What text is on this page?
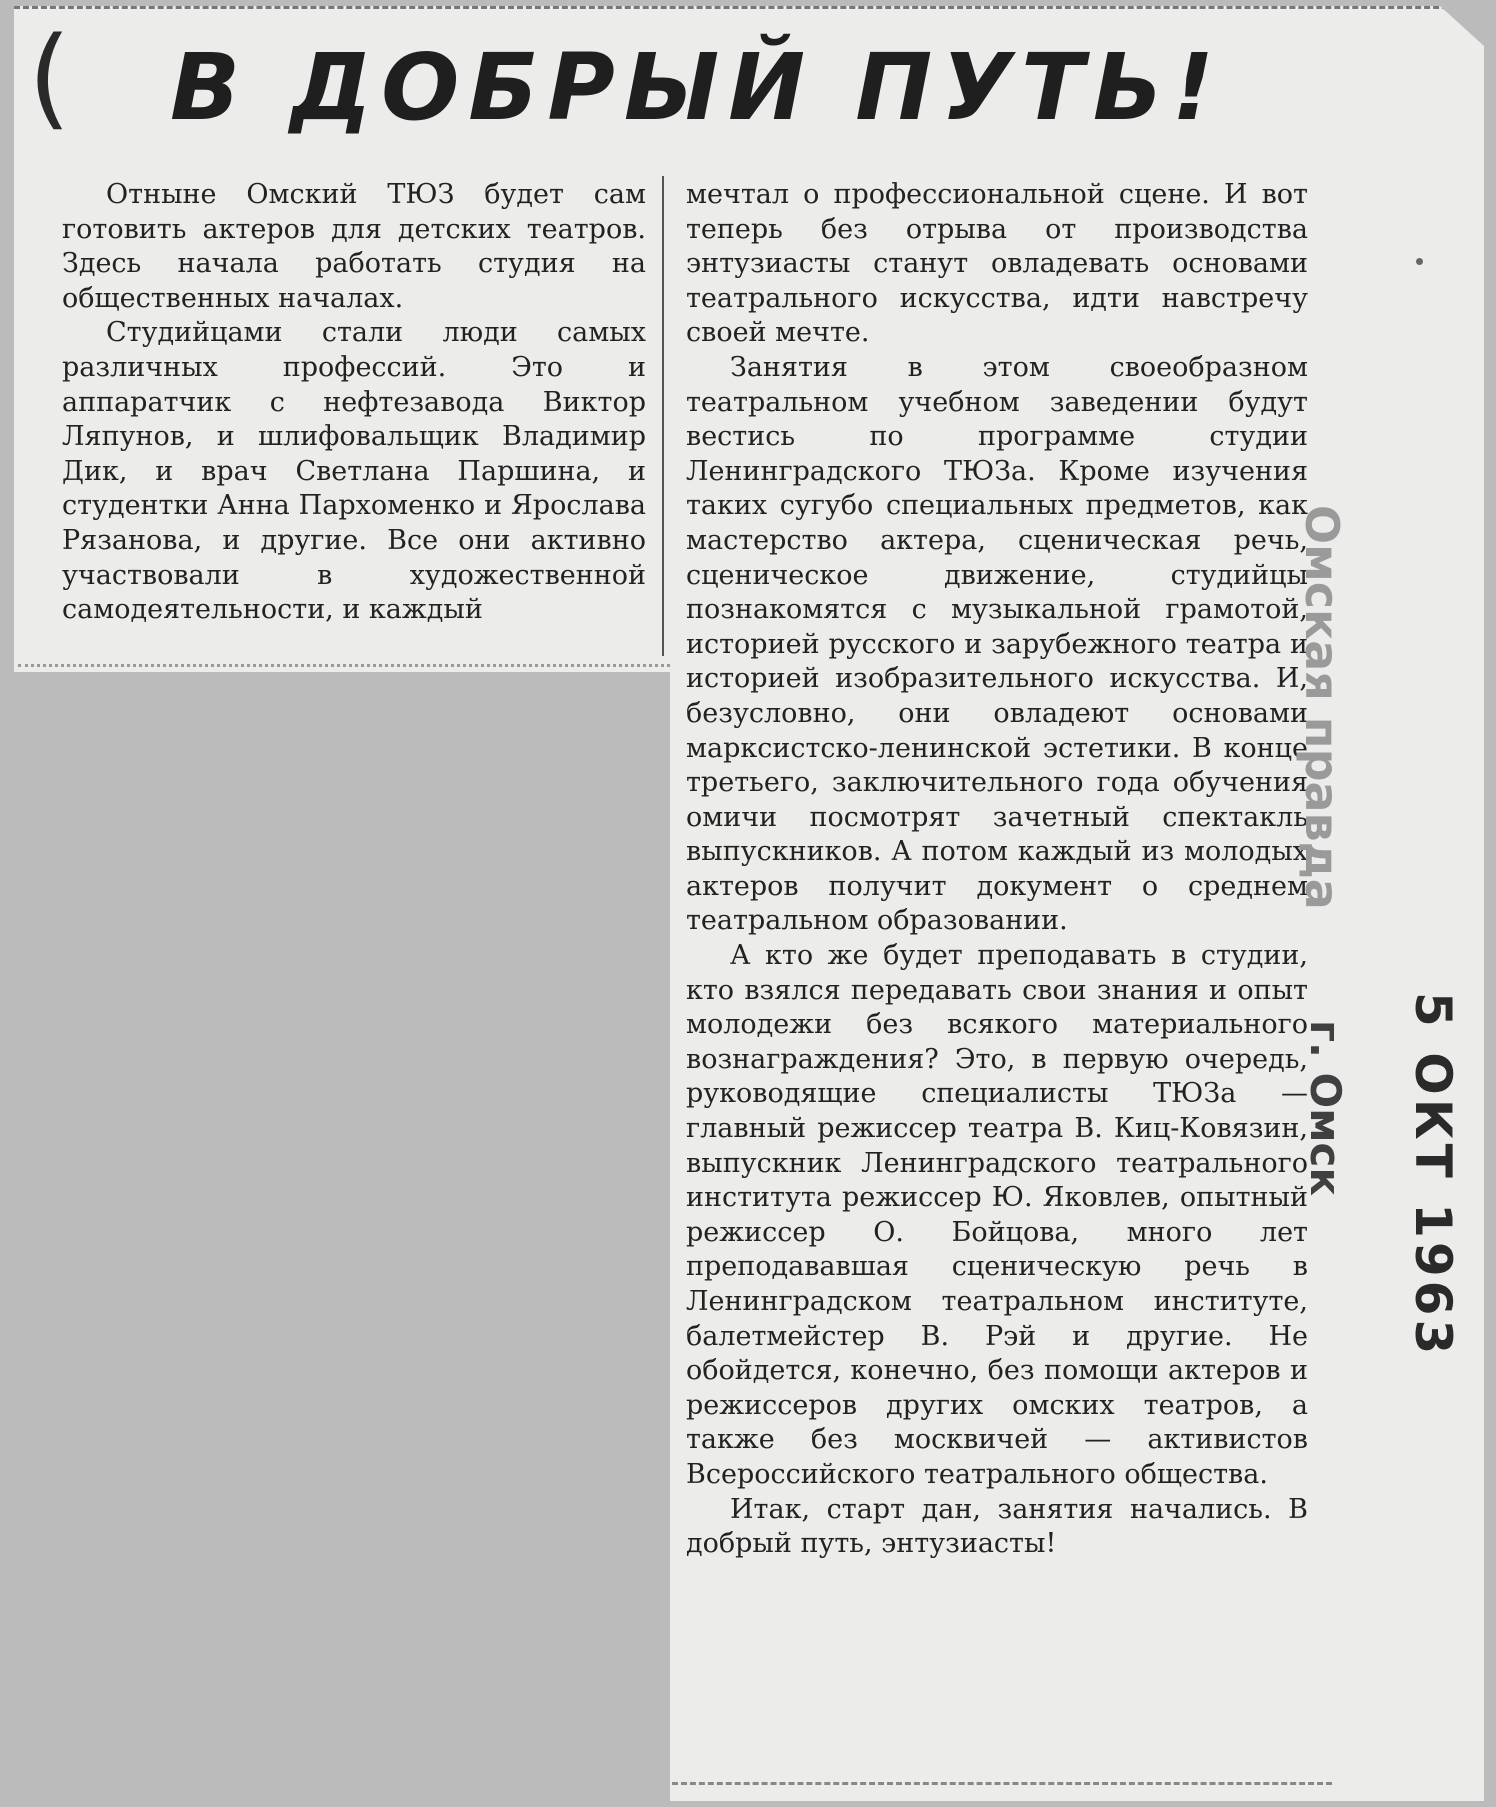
( В ДОБРЫЙ ПУТЬ!

Отныне Омский ТЮЗ будет сам готовить актеров для детских театров. Здесь начала работать студия на общественных началах.

Студийцами стали люди самых различных профессий. Это и аппаратчик с нефтезавода Виктор Ляпунов, и шлифовальщик Владимир Дик, и врач Светлана Паршина, и студентки Анна Пархоменко и Ярослава Рязанова, и другие. Все они активно участвовали в художественной самодеятельности, и каждый

мечтал о профессиональной сцене. И вот теперь без отрыва от производства энтузиасты станут овладевать основами театрального искусства, идти навстречу своей мечте.

Занятия в этом своеобразном театральном учебном заведении будут вестись по программе студии Ленинградского ТЮЗа. Кроме изучения таких сугубо специальных предметов, как мастерство актера, сценическая речь, сценическое движение, студийцы познакомятся с музыкальной грамотой, историей русского и зарубежного театра и историей изобразительного искусства. И, безусловно, они овладеют основами марксистско-ленинской эстетики. В конце третьего, заключительного года обучения омичи посмотрят зачетный спектакль выпускников. А потом каждый из молодых актеров получит документ о среднем театральном образовании.

А кто же будет преподавать в студии, кто взялся передавать свои знания и опыт молодежи без всякого материального вознаграждения? Это, в первую очередь, руководящие специалисты ТЮЗа — главный режиссер театра В. Киц-Ковязин, выпускник Ленинградского театрального института режиссер Ю. Яковлев, опытный режиссер О. Бойцова, много лет преподававшая сценическую речь в Ленинградском театральном институте, балетмейстер В. Рэй и другие. Не обойдется, конечно, без помощи актеров и режиссеров других омских театров, а также без москвичей — активистов Всероссийского театрального общества.

Итак, старт дан, занятия начались. В добрый путь, энтузиасты!

Омская правда
г. Омск 5 ОКТ 1963
